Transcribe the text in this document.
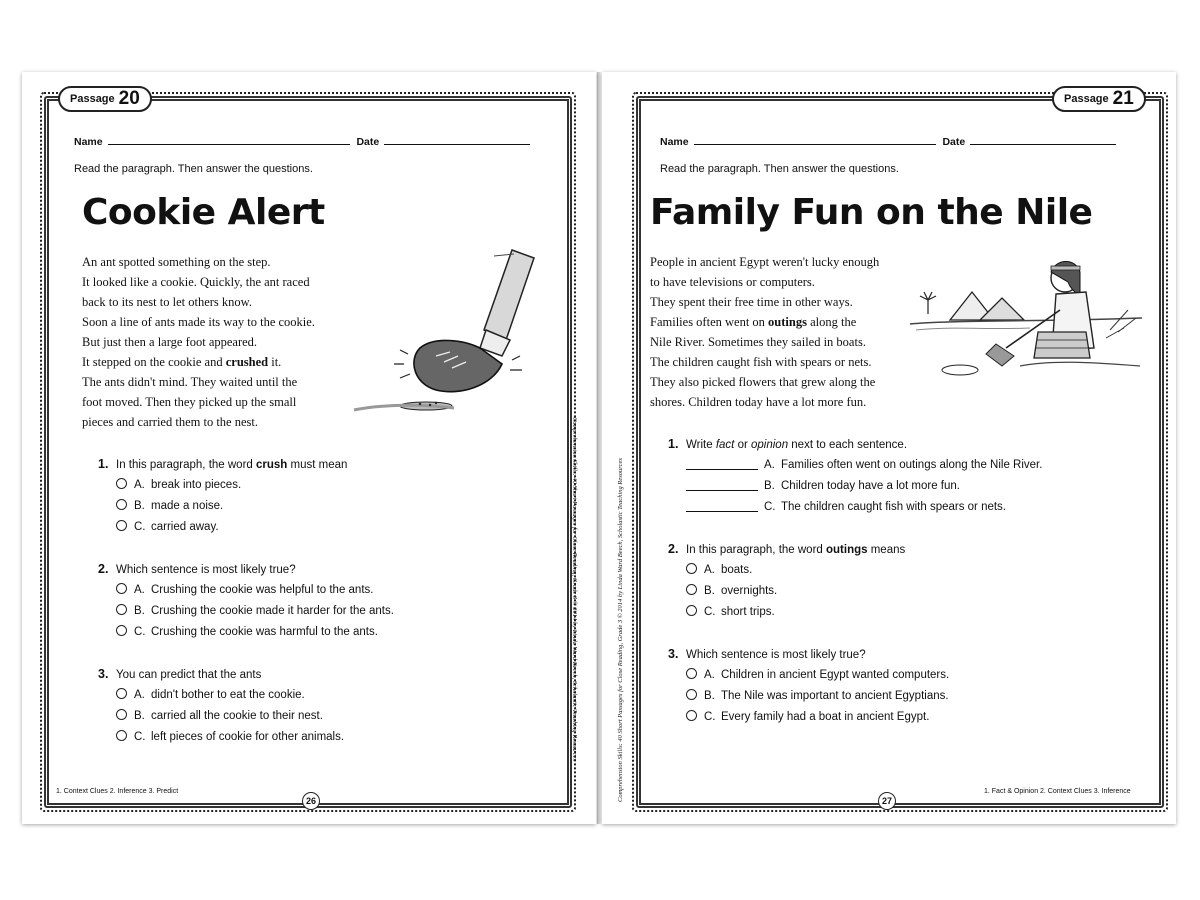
Passage 20
Name	Date
Read the paragraph. Then answer the questions.
Cookie Alert
An ant spotted something on the step.
It looked like a cookie. Quickly, the ant raced
back to its nest to let others know.
Soon a line of ants made its way to the cookie.
But just then a large foot appeared.
It stepped on the cookie and crushed it.
The ants didn't mind. They waited until the
foot moved. Then they picked up the small
pieces and carried them to the nest.
1. In this paragraph, the word crush must mean
A. break into pieces.
B. made a noise.
C. carried away.
2. Which sentence is most likely true?
A. Crushing the cookie was helpful to the ants.
B. Crushing the cookie made it harder for the ants.
C. Crushing the cookie was harmful to the ants.
3. You can predict that the ants
A. didn't bother to eat the cookie.
B. carried all the cookie to their nest.
C. left pieces of cookie for other animals.
1. Context Clues 2. Inference 3. Predict
26
Comprehension Skills: 40 Short Passages for Close Reading, Grade 3 © 2014 by Linda Ward Beech, Scholastic Teaching Resources
Passage 21
Name	Date
Read the paragraph. Then answer the questions.
Family Fun on the Nile
People in ancient Egypt weren't lucky enough
to have televisions or computers.
They spent their free time in other ways.
Families often went on outings along the
Nile River. Sometimes they sailed in boats.
The children caught fish with spears or nets.
They also picked flowers that grew along the
shores. Children today have a lot more fun.
1. Write fact or opinion next to each sentence.
A. Families often went on outings along the Nile River.
B. Children today have a lot more fun.
C. The children caught fish with spears or nets.
2. In this paragraph, the word outings means
A. boats.
B. overnights.
C. short trips.
3. Which sentence is most likely true?
A. Children in ancient Egypt wanted computers.
B. The Nile was important to ancient Egyptians.
C. Every family had a boat in ancient Egypt.
1. Fact & Opinion 2. Context Clues 3. Inference
27
Comprehension Skills: 40 Short Passages for Close Reading, Grade 3 © 2014 by Linda Ward Beech, Scholastic Teaching Resources
